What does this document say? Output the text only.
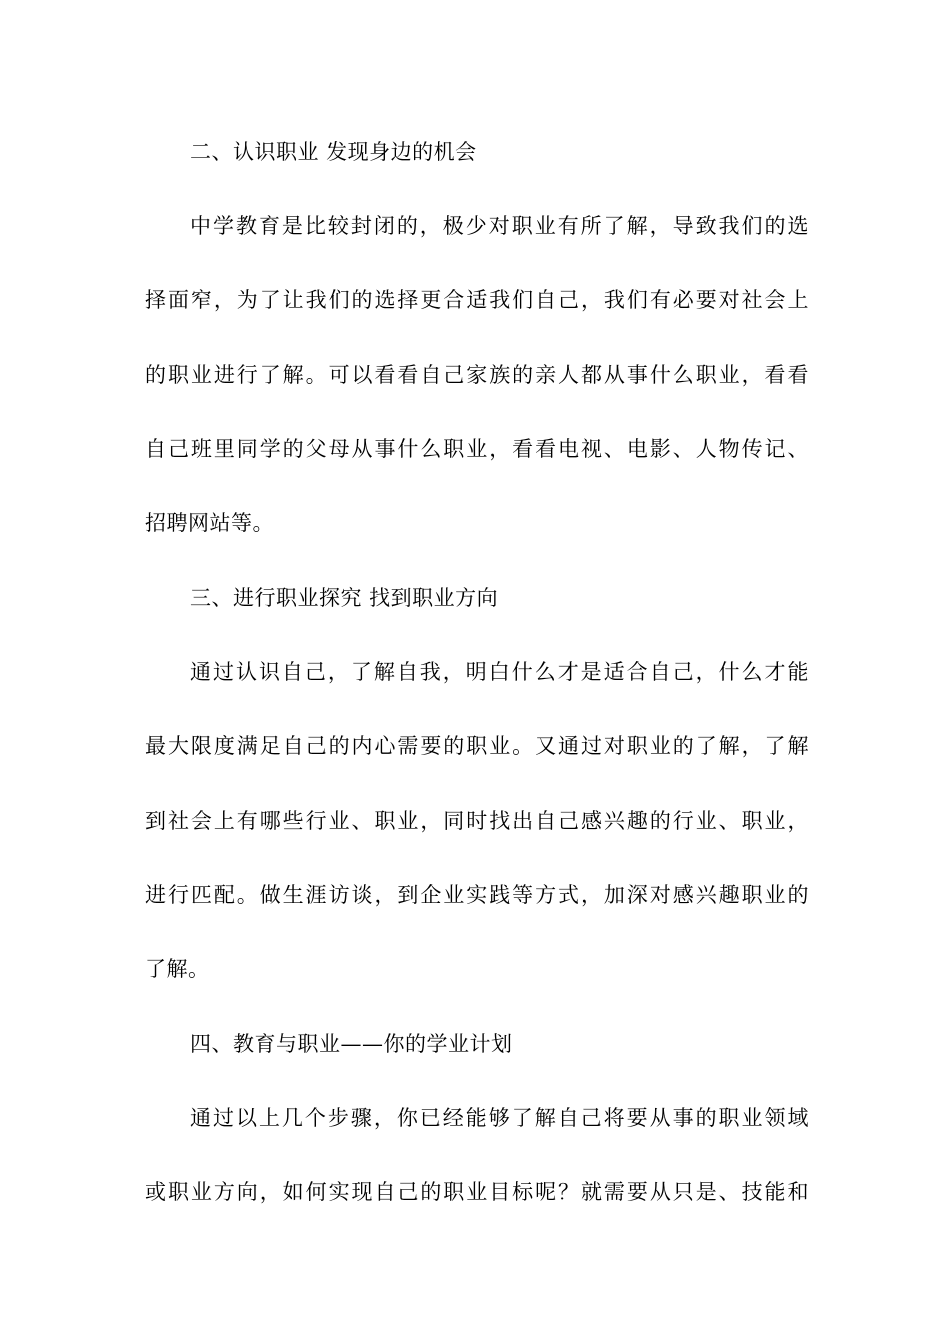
二、认识职业 发现身边的机会
中学教育是比较封闭的，极少对职业有所了解，导致我们的选
择面窄，为了让我们的选择更合适我们自己，我们有必要对社会上
的职业进行了解。可以看看自己家族的亲人都从事什么职业，看看
自己班里同学的父母从事什么职业，看看电视、电影、人物传记、
招聘网站等。
三、进行职业探究 找到职业方向
通过认识自己，了解自我，明白什么才是适合自己，什么才能
最大限度满足自己的内心需要的职业。又通过对职业的了解，了解
到社会上有哪些行业、职业，同时找出自己感兴趣的行业、职业，
进行匹配。做生涯访谈，到企业实践等方式，加深对感兴趣职业的
了解。
四、教育与职业——你的学业计划
通过以上几个步骤，你已经能够了解自己将要从事的职业领域
或职业方向，如何实现自己的职业目标呢？就需要从只是、技能和
